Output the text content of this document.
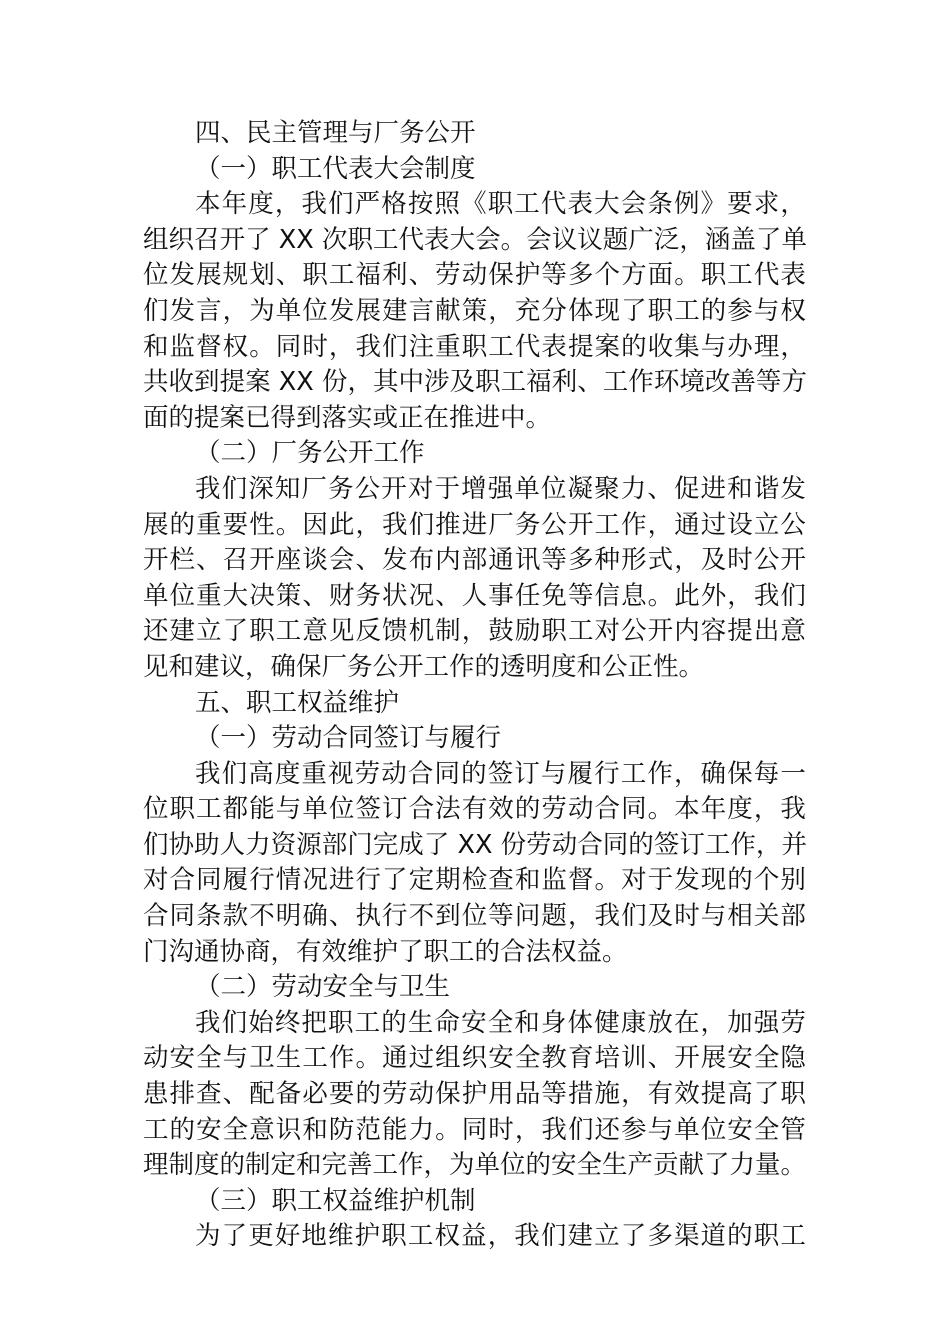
四、民主管理与厂务公开
（一）职工代表大会制度
本年度，我们严格按照《职工代表大会条例》要求，
组织召开了 XX 次职工代表大会。会议议题广泛，涵盖了单
位发展规划、职工福利、劳动保护等多个方面。职工代表
们发言，为单位发展建言献策，充分体现了职工的参与权
和监督权。同时，我们注重职工代表提案的收集与办理，
共收到提案 XX 份，其中涉及职工福利、工作环境改善等方
面的提案已得到落实或正在推进中。
（二）厂务公开工作
我们深知厂务公开对于增强单位凝聚力、促进和谐发
展的重要性。因此，我们推进厂务公开工作，通过设立公
开栏、召开座谈会、发布内部通讯等多种形式，及时公开
单位重大决策、财务状况、人事任免等信息。此外，我们
还建立了职工意见反馈机制，鼓励职工对公开内容提出意
见和建议，确保厂务公开工作的透明度和公正性。
五、职工权益维护
（一）劳动合同签订与履行
我们高度重视劳动合同的签订与履行工作，确保每一
位职工都能与单位签订合法有效的劳动合同。本年度，我
们协助人力资源部门完成了 XX 份劳动合同的签订工作，并
对合同履行情况进行了定期检查和监督。对于发现的个别
合同条款不明确、执行不到位等问题，我们及时与相关部
门沟通协商，有效维护了职工的合法权益。
（二）劳动安全与卫生
我们始终把职工的生命安全和身体健康放在，加强劳
动安全与卫生工作。通过组织安全教育培训、开展安全隐
患排查、配备必要的劳动保护用品等措施，有效提高了职
工的安全意识和防范能力。同时，我们还参与单位安全管
理制度的制定和完善工作，为单位的安全生产贡献了力量。
（三）职工权益维护机制
为了更好地维护职工权益，我们建立了多渠道的职工
